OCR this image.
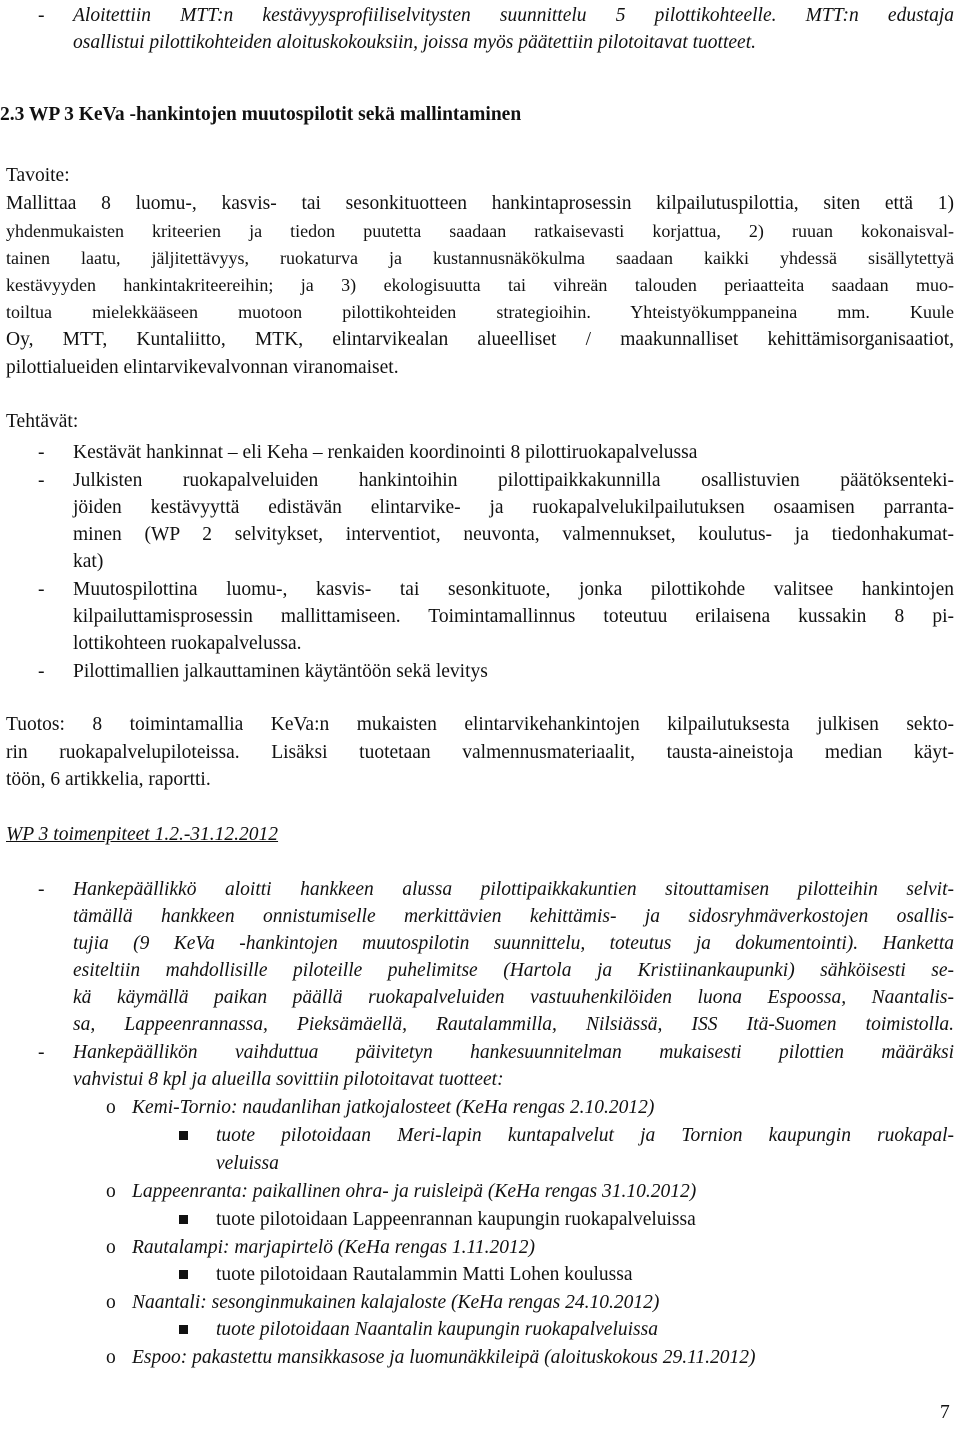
- Aloitettiin MTT:n kestävyysprofiiliselvitysten suunnittelu 5 pilottikohteelle. MTT:n edustaja
osallistui pilottikohteiden aloituskokouksiin, joissa myös päätettiin pilotoitavat tuotteet.
2.3 WP 3 KeVa -hankintojen muutospilotit sekä mallintaminen
Tavoite:
Mallittaa 8 luomu-, kasvis- tai sesonkituotteen hankintaprosessin kilpailutuspilottia, siten että 1)
yhdenmukaisten kriteerien ja tiedon puutetta saadaan ratkaisevasti korjattua, 2) ruuan kokonaisval-
tainen laatu, jäljitettävyys, ruokaturva ja kustannusnäkökulma saadaan kaikki yhdessä sisällytettyä
kestävyyden hankintakriteereihin; ja 3) ekologisuutta tai vihreän talouden periaatteita saadaan muo-
toiltua mielekkääseen muotoon pilottikohteiden strategioihin. Yhteistyökumppaneina mm. Kuule
Oy, MTT, Kuntaliitto, MTK, elintarvikealan alueelliset / maakunnalliset kehittämisorganisaatiot,
pilottialueiden elintarvikevalvonnan viranomaiset.
Tehtävät:
- Kestävät hankinnat – eli Keha – renkaiden koordinointi 8 pilottiruokapalvelussa
- Julkisten ruokapalveluiden hankintoihin pilottipaikkakunnilla osallistuvien päätöksenteki-
jöiden kestävyyttä edistävän elintarvike- ja ruokapalvelukilpailutuksen osaamisen parranta-
minen (WP 2 selvitykset, interventiot, neuvonta, valmennukset, koulutus- ja tiedonhakumat-
kat)
- Muutospilottina luomu-, kasvis- tai sesonkituote, jonka pilottikohde valitsee hankintojen
kilpailuttamisprosessin mallittamiseen. Toimintamallinnus toteutuu erilaisena kussakin 8 pi-
lottikohteen ruokapalvelussa.
- Pilottimallien jalkauttaminen käytäntöön sekä levitys
Tuotos: 8 toimintamallia KeVa:n mukaisten elintarvikehankintojen kilpailutuksesta julkisen sekto-
rin ruokapalvelupiloteissa. Lisäksi tuotetaan valmennusmateriaalit, tausta-aineistoja median käyt-
töön, 6 artikkelia, raportti.
WP 3 toimenpiteet 1.2.-31.12.2012
- Hankepäällikkö aloitti hankkeen alussa pilottipaikkakuntien sitouttamisen pilotteihin selvit-
tämällä hankkeen onnistumiselle merkittävien kehittämis- ja sidosryhmäverkostojen osallis-
tujia (9 KeVa -hankintojen muutospilotin suunnittelu, toteutus ja dokumentointi). Hanketta
esiteltiin mahdollisille piloteille puhelimitse (Hartola ja Kristiinankaupunki) sähköisesti se-
kä käymällä paikan päällä ruokapalveluiden vastuuhenkilöiden luona Espoossa, Naantalis-
sa, Lappeenrannassa, Pieksämäellä, Rautalammilla, Nilsiässä, ISS Itä-Suomen toimistolla.
- Hankepäällikön vaihduttua päivitetyn hankesuunnitelman mukaisesti pilottien määräksi
vahvistui 8 kpl ja alueilla sovittiin pilotoitavat tuotteet:
o Kemi-Tornio: naudanlihan jatkojalosteet (KeHa rengas 2.10.2012)
tuote pilotoidaan Meri-lapin kuntapalvelut ja Tornion kaupungin ruokapal-
veluissa
o Lappeenranta: paikallinen ohra- ja ruisleipä (KeHa rengas 31.10.2012)
tuote pilotoidaan Lappeenrannan kaupungin ruokapalveluissa
o Rautalampi: marjapirtelö (KeHa rengas 1.11.2012)
tuote pilotoidaan Rautalammin Matti Lohen koulussa
o Naantali: sesonginmukainen kalajaloste (KeHa rengas 24.10.2012)
tuote pilotoidaan Naantalin kaupungin ruokapalveluissa
o Espoo: pakastettu mansikkasose ja luomunäkkileipä (aloituskokous 29.11.2012)
7
